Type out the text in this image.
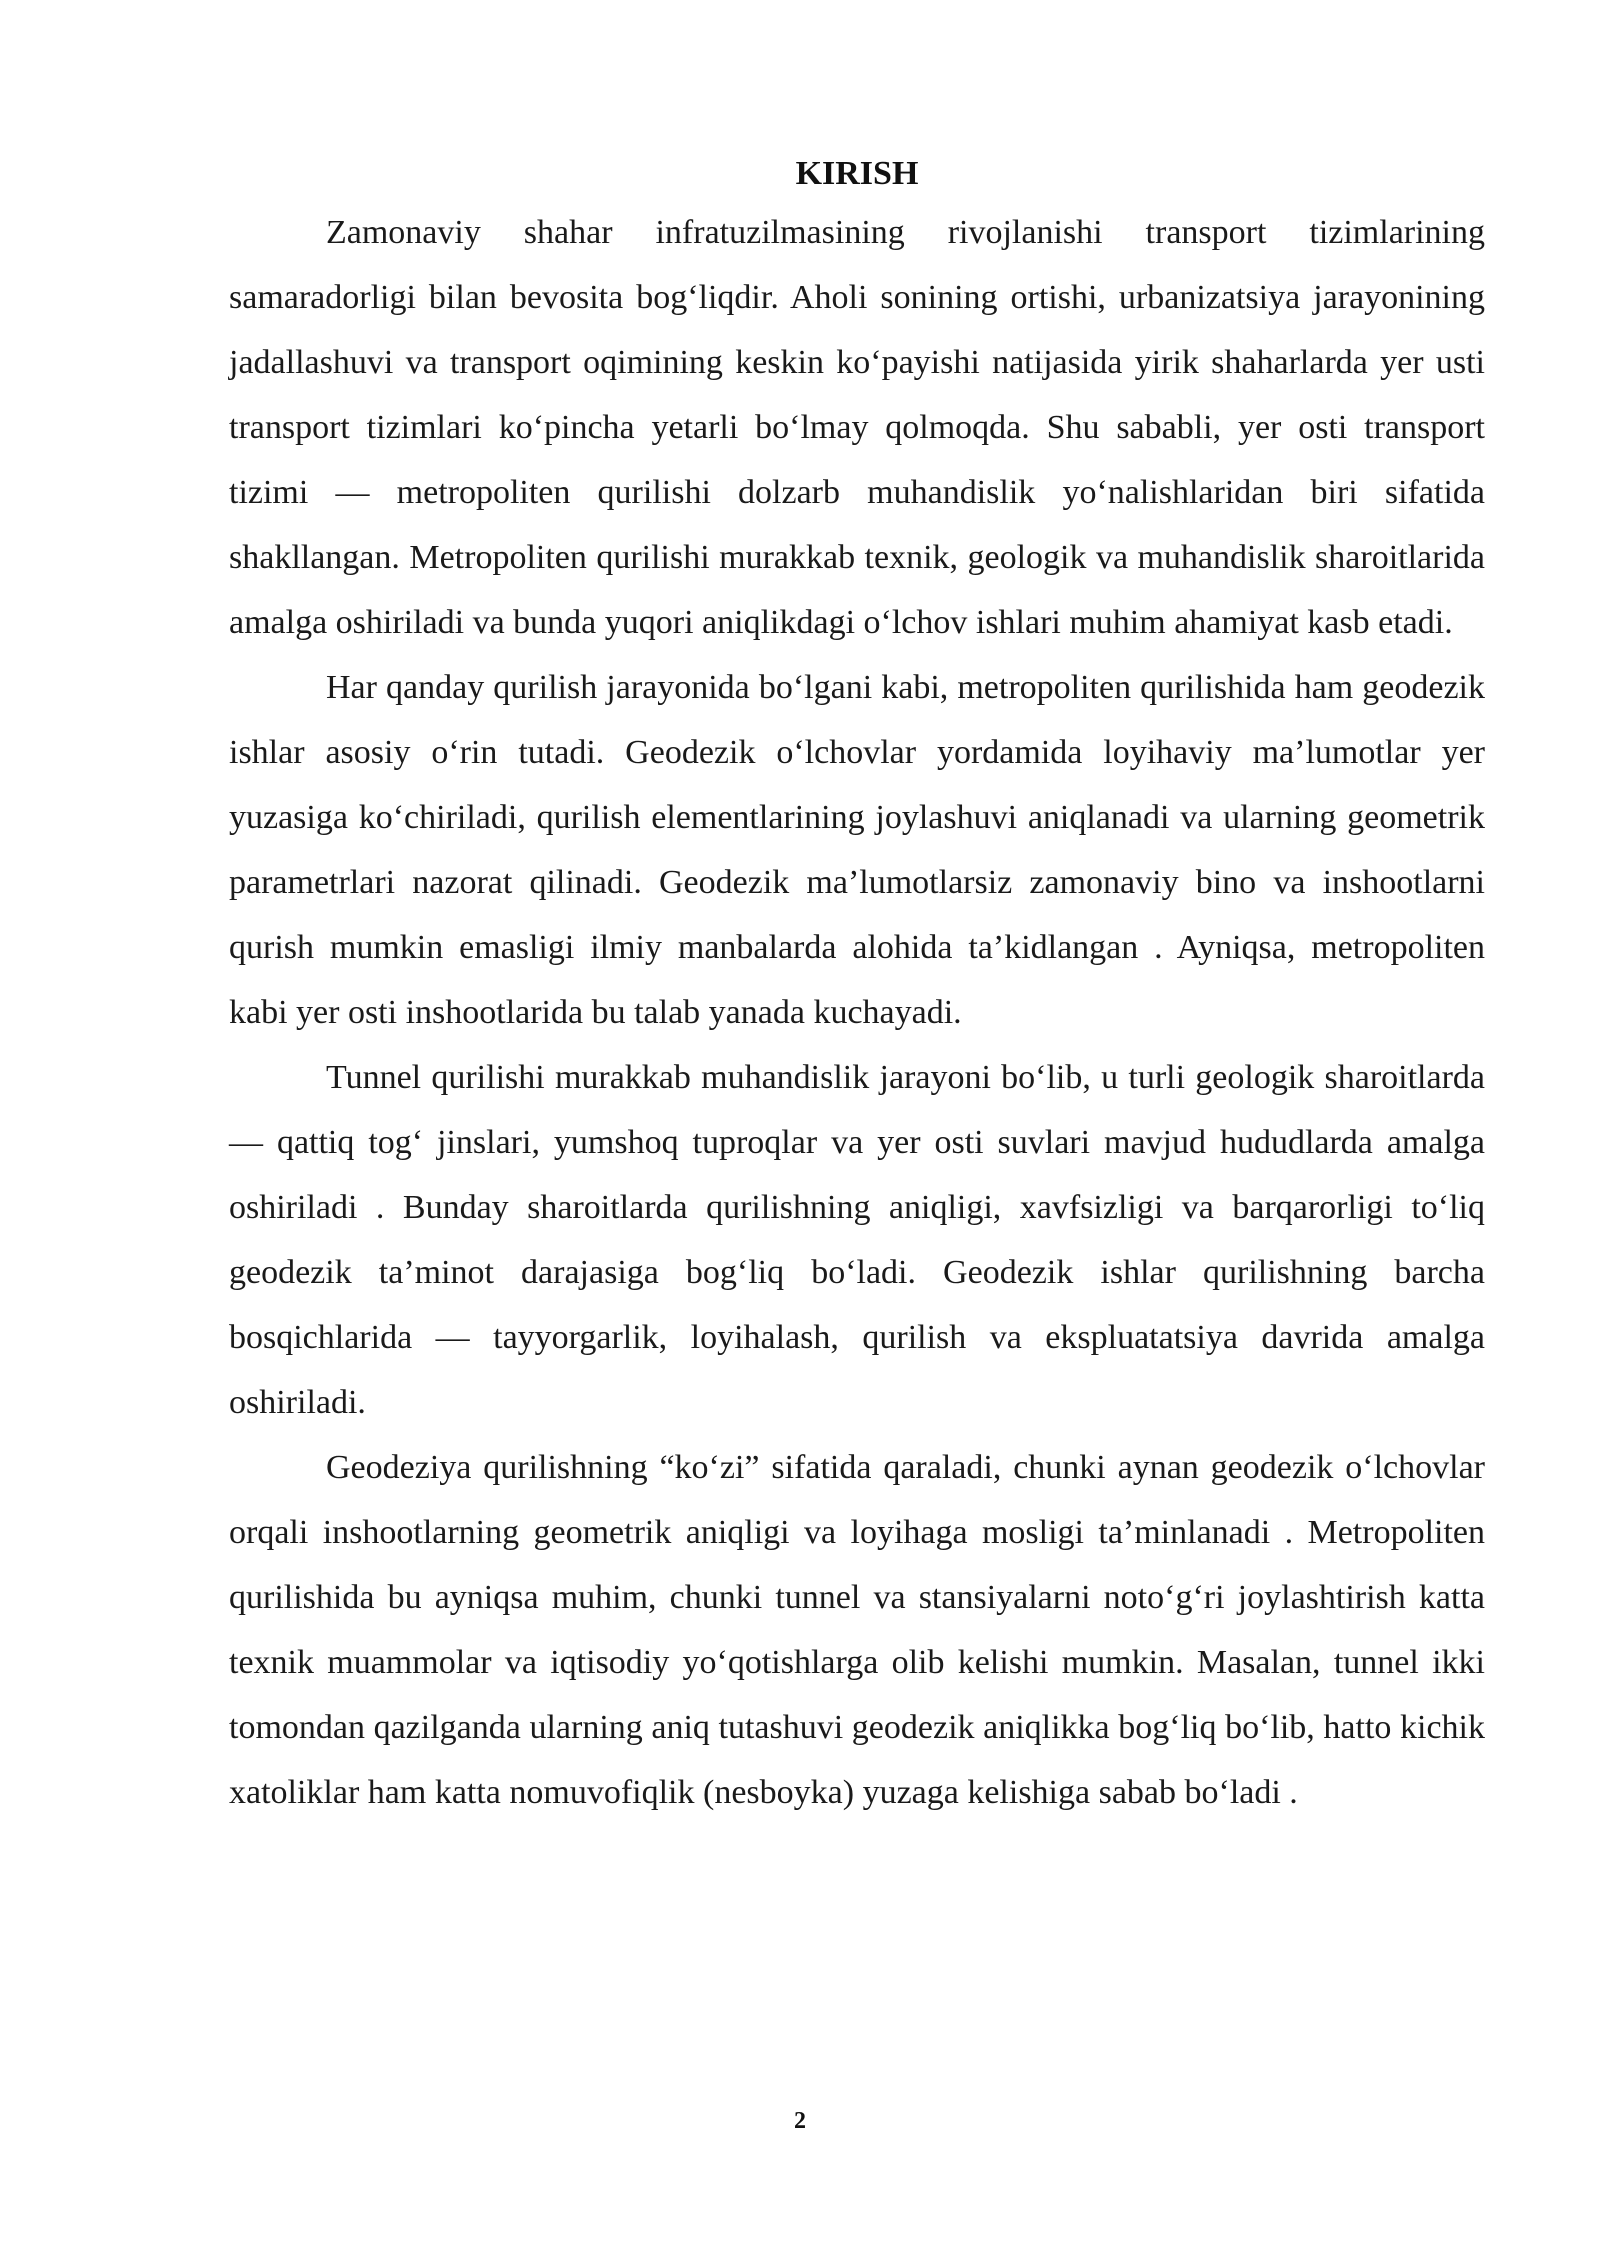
KIRISH

Zamonaviy shahar infratuzilmasining rivojlanishi transport tizimlarining samaradorligi bilan bevosita bog‘liqdir. Aholi sonining ortishi, urbanizatsiya jarayonining jadallashuvi va transport oqimining keskin ko‘payishi natijasida yirik shaharlarda yer usti transport tizimlari ko‘pincha yetarli bo‘lmay qolmoqda. Shu sababli, yer osti transport tizimi — metropoliten qurilishi dolzarb muhandislik yo‘nalishlaridan biri sifatida shakllangan. Metropoliten qurilishi murakkab texnik, geologik va muhandislik sharoitlarida amalga oshiriladi va bunda yuqori aniqlikdagi o‘lchov ishlari muhim ahamiyat kasb etadi.

Har qanday qurilish jarayonida bo‘lgani kabi, metropoliten qurilishida ham geodezik ishlar asosiy o‘rin tutadi. Geodezik o‘lchovlar yordamida loyihaviy ma’lumotlar yer yuzasiga ko‘chiriladi, qurilish elementlarining joylashuvi aniqlanadi va ularning geometrik parametrlari nazorat qilinadi. Geodezik ma’lumotlarsiz zamonaviy bino va inshootlarni qurish mumkin emasligi ilmiy manbalarda alohida ta’kidlangan . Ayniqsa, metropoliten kabi yer osti inshootlarida bu talab yanada kuchayadi.

Tunnel qurilishi murakkab muhandislik jarayoni bo‘lib, u turli geologik sharoitlarda — qattiq tog‘ jinslari, yumshoq tuproqlar va yer osti suvlari mavjud hududlarda amalga oshiriladi . Bunday sharoitlarda qurilishning aniqligi, xavfsizligi va barqarorligi to‘liq geodezik ta’minot darajasiga bog‘liq bo‘ladi. Geodezik ishlar qurilishning barcha bosqichlarida — tayyorgarlik, loyihalash, qurilish va ekspluatatsiya davrida amalga oshiriladi.

Geodeziya qurilishning “ko‘zi” sifatida qaraladi, chunki aynan geodezik o‘lchovlar orqali inshootlarning geometrik aniqligi va loyihaga mosligi ta’minlanadi . Metropoliten qurilishida bu ayniqsa muhim, chunki tunnel va stansiyalarni noto‘g‘ri joylashtirish katta texnik muammolar va iqtisodiy yo‘qotishlarga olib kelishi mumkin. Masalan, tunnel ikki tomondan qazilganda ularning aniq tutashuvi geodezik aniqlikka bog‘liq bo‘lib, hatto kichik xatoliklar ham katta nomuvofiqlik (nesboyka) yuzaga kelishiga sabab bo‘ladi .

2
